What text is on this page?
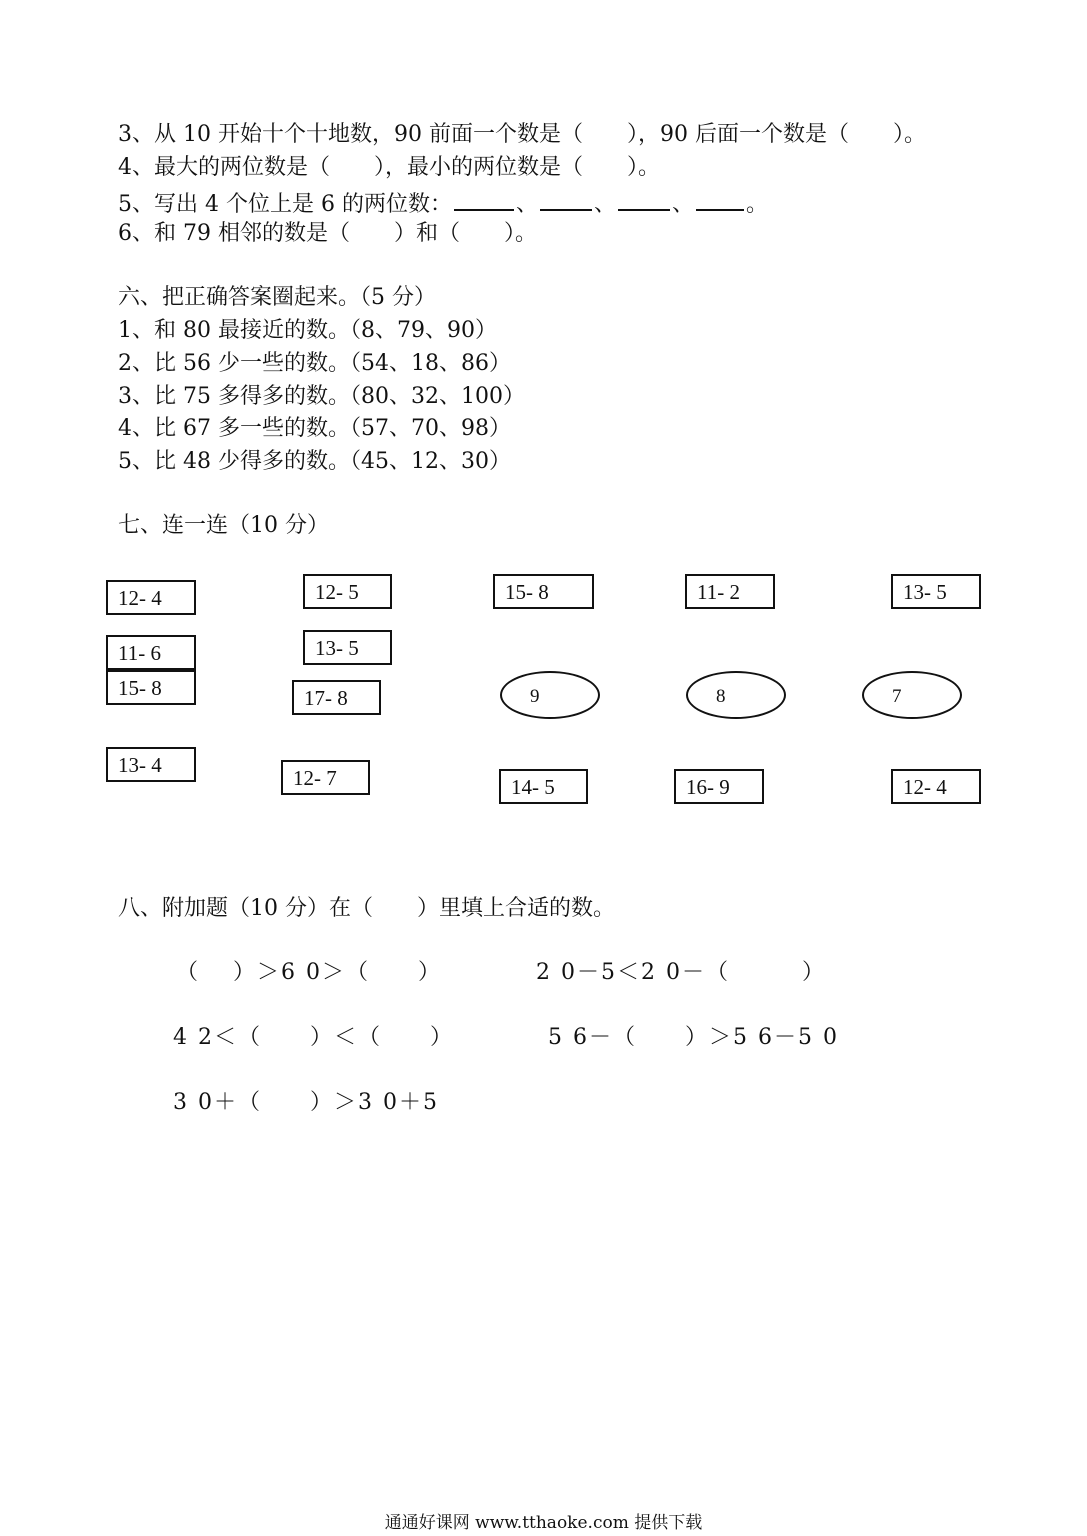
3、从 10 开始十个十地数，90 前面一个数是（　　），90 后面一个数是（　　）。
4、最大的两位数是（　　），最小的两位数是（　　）。
5、写出 4 个位上是 6 的两位数：	、	、	、 。
6、和 79 相邻的数是（　　）和（　　）。
六、把正确答案圈起来。（5 分）
1、和 80 最接近的数。（8、79、90）
2、比 56 少一些的数。（54、18、86）
3、比 75 多得多的数。（80、32、100）
4、比 67 多一些的数。（57、70、98）
5、比 48 少得多的数。（45、12、30）
七、连一连（10 分）
12- 4	12- 5	15- 8	11- 2	13- 5
11- 6	13- 5
15- 8	17- 8	9	8	7
13- 4
12- 7	14- 5	16- 9	12- 4
八、附加题（10 分）在（　　）里填上合适的数。
（　 ）＞6 0＞（　　）	2 0－5＜2 0－（　　　）
4 2＜（　　）＜（　　）	5 6－（　　）＞5 6－5 0
3 0＋（　　）＞3 0＋5
通通好课网 www.tthaoke.com 提供下载
